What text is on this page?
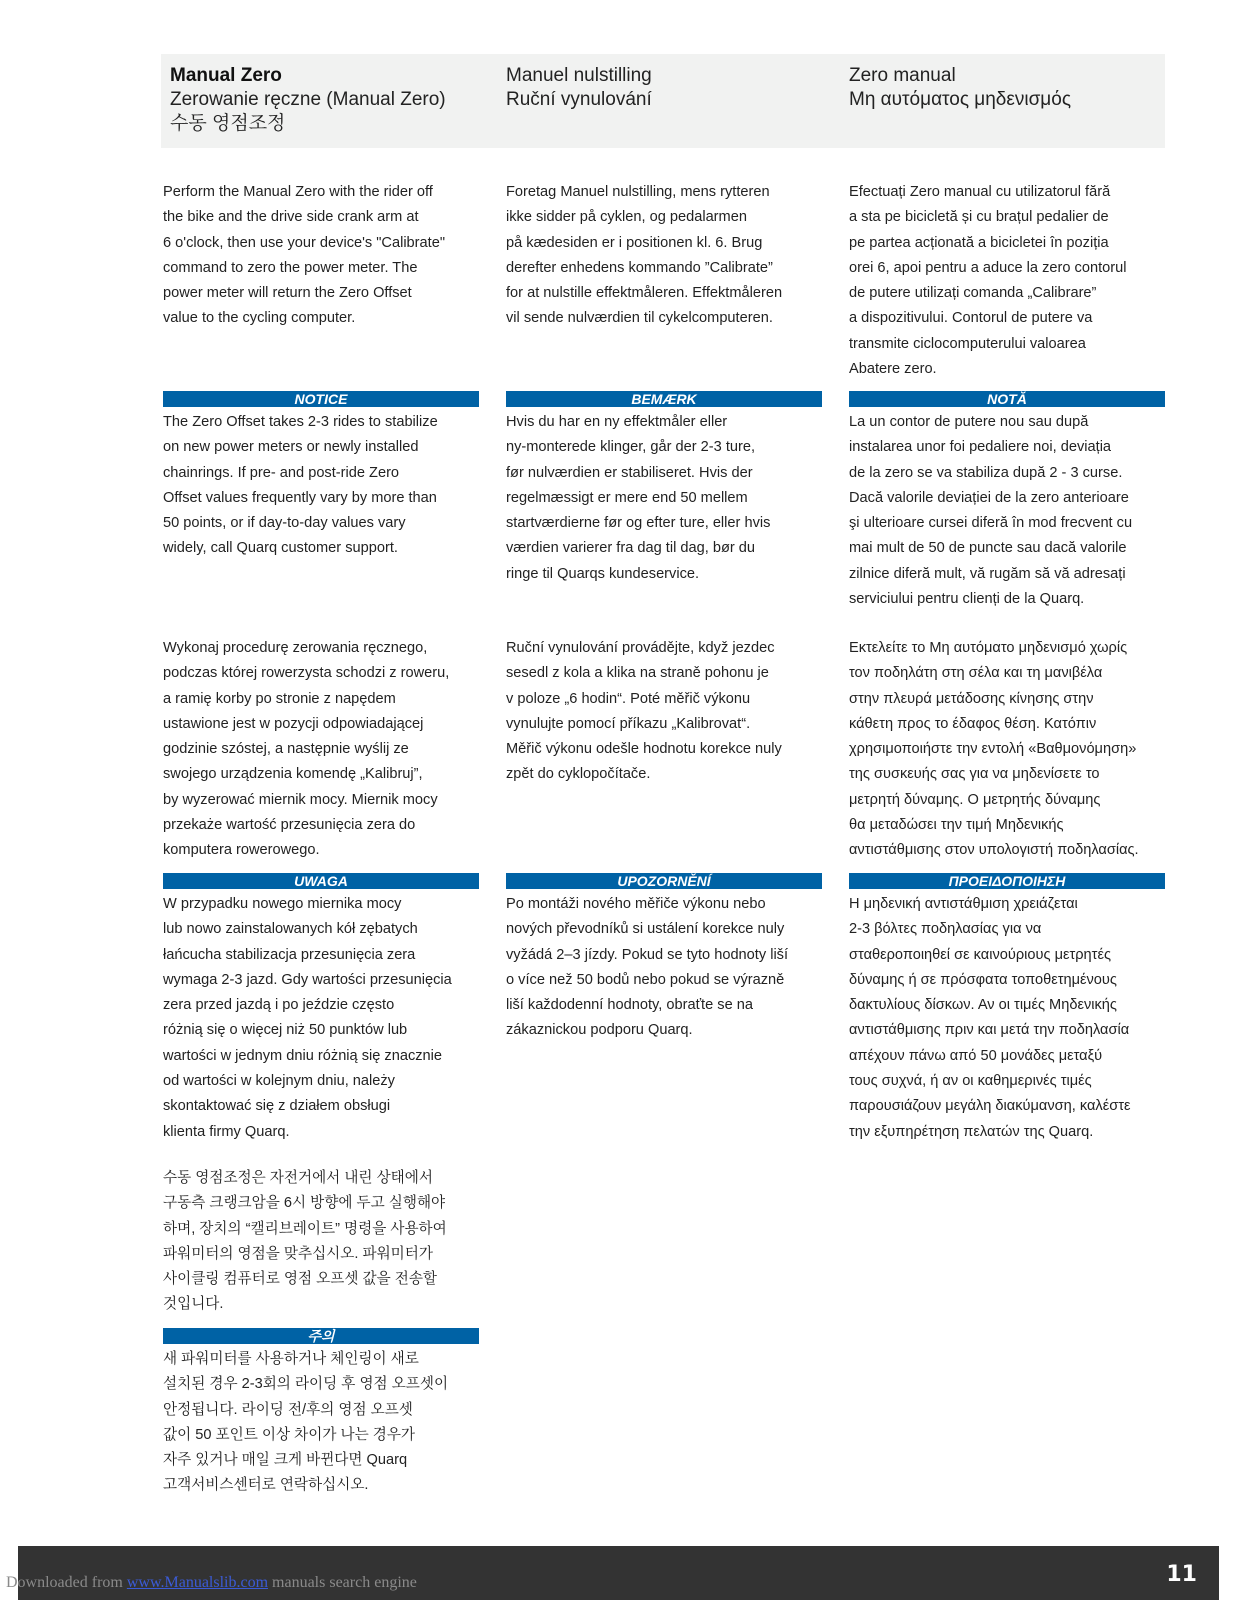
Manual Zero
Zerowanie ręczne (Manual Zero)
수동 영점조정
Manuel nulstilling
Ruční vynulování
Zero manual
Μη αυτόματος μηδενισμός

Perform the Manual Zero with the rider off
the bike and the drive side crank arm at
6 o'clock, then use your device's "Calibrate"
command to zero the power meter. The
power meter will return the Zero Offset
value to the cycling computer.

Foretag Manuel nulstilling, mens rytteren
ikke sidder på cyklen, og pedalarmen
på kædesiden er i positionen kl. 6. Brug
derefter enhedens kommando ”Calibrate”
for at nulstille effektmåleren. Effektmåleren
vil sende nulværdien til cykelcomputeren.

Efectuați Zero manual cu utilizatorul fără
a sta pe bicicletă și cu brațul pedalier de
pe partea acționată a bicicletei în poziția
orei 6, apoi pentru a aduce la zero contorul
de putere utilizați comanda „Calibrare”
a dispozitivului. Contorul de putere va
transmite ciclocomputerului valoarea
Abatere zero.

NOTICE	BEMÆRK	NOTĂ

The Zero Offset takes 2-3 rides to stabilize
on new power meters or newly installed
chainrings. If pre- and post-ride Zero
Offset values frequently vary by more than
50 points, or if day-to-day values vary
widely, call Quarq customer support.

Hvis du har en ny effektmåler eller
ny-monterede klinger, går der 2-3 ture,
før nulværdien er stabiliseret. Hvis der
regelmæssigt er mere end 50 mellem
startværdierne før og efter ture, eller hvis
værdien varierer fra dag til dag, bør du
ringe til Quarqs kundeservice.

La un contor de putere nou sau după
instalarea unor foi pedaliere noi, deviația
de la zero se va stabiliza după 2 - 3 curse.
Dacă valorile deviației de la zero anterioare
şi ulterioare cursei diferă în mod frecvent cu
mai mult de 50 de puncte sau dacă valorile
zilnice diferă mult, vă rugăm să vă adresați
serviciului pentru clienți de la Quarq.

Wykonaj procedurę zerowania ręcznego,
podczas której rowerzysta schodzi z roweru,
a ramię korby po stronie z napędem
ustawione jest w pozycji odpowiadającej
godzinie szóstej, a następnie wyślij ze
swojego urządzenia komendę „Kalibruj”,
by wyzerować miernik mocy. Miernik mocy
przekaże wartość przesunięcia zera do
komputera rowerowego.

Ruční vynulování provádějte, když jezdec
sesedl z kola a klika na straně pohonu je
v poloze „6 hodin“. Poté měřič výkonu
vynulujte pomocí příkazu „Kalibrovat“.
Měřič výkonu odešle hodnotu korekce nuly
zpět do cyklopočítače.

Εκτελείτε το Μη αυτόματο μηδενισμό χωρίς
τον ποδηλάτη στη σέλα και τη μανιβέλα
στην πλευρά μετάδοσης κίνησης στην
κάθετη προς το έδαφος θέση. Κατόπιν
χρησιμοποιήστε την εντολή «Βαθμονόμηση»
της συσκευής σας για να μηδενίσετε το
μετρητή δύναμης. Ο μετρητής δύναμης
θα μεταδώσει την τιμή Μηδενικής
αντιστάθμισης στον υπολογιστή ποδηλασίας.

UWAGA	UPOZORNĚNÍ	ΠΡΟΕΙΔΟΠΟΙΗΣΗ

W przypadku nowego miernika mocy
lub nowo zainstalowanych kół zębatych
łańcucha stabilizacja przesunięcia zera
wymaga 2-3 jazd. Gdy wartości przesunięcia
zera przed jazdą i po jeździe często
różnią się o więcej niż 50 punktów lub
wartości w jednym dniu różnią się znacznie
od wartości w kolejnym dniu, należy
skontaktować się z działem obsługi
klienta firmy Quarq.

Po montáži nového měřiče výkonu nebo
nových převodníků si ustálení korekce nuly
vyžádá 2–3 jízdy. Pokud se tyto hodnoty liší
o více než 50 bodů nebo pokud se výrazně
liší každodenní hodnoty, obraťte se na
zákaznickou podporu Quarq.

Η μηδενική αντιστάθμιση χρειάζεται
2-3 βόλτες ποδηλασίας για να
σταθεροποιηθεί σε καινούριους μετρητές
δύναμης ή σε πρόσφατα τοποθετημένους
δακτυλίους δίσκων. Αν οι τιμές Μηδενικής
αντιστάθμισης πριν και μετά την ποδηλασία
απέχουν πάνω από 50 μονάδες μεταξύ
τους συχνά, ή αν οι καθημερινές τιμές
παρουσιάζουν μεγάλη διακύμανση, καλέστε
την εξυπηρέτηση πελατών της Quarq.

수동 영점조정은 자전거에서 내린 상태에서
구동측 크랭크암을 6시 방향에 두고 실행해야
하며, 장치의 “캘리브레이트” 명령을 사용하여
파워미터의 영점을 맞추십시오. 파워미터가
사이클링 컴퓨터로 영점 오프셋 값을 전송할
것입니다.

주의

새 파워미터를 사용하거나 체인링이 새로
설치된 경우 2-3회의 라이딩 후 영점 오프셋이
안정됩니다. 라이딩 전/후의 영점 오프셋
값이 50 포인트 이상 차이가 나는 경우가
자주 있거나 매일 크게 바뀐다면 Quarq
고객서비스센터로 연락하십시오.

11
Downloaded from www.Manualslib.com manuals search engine
